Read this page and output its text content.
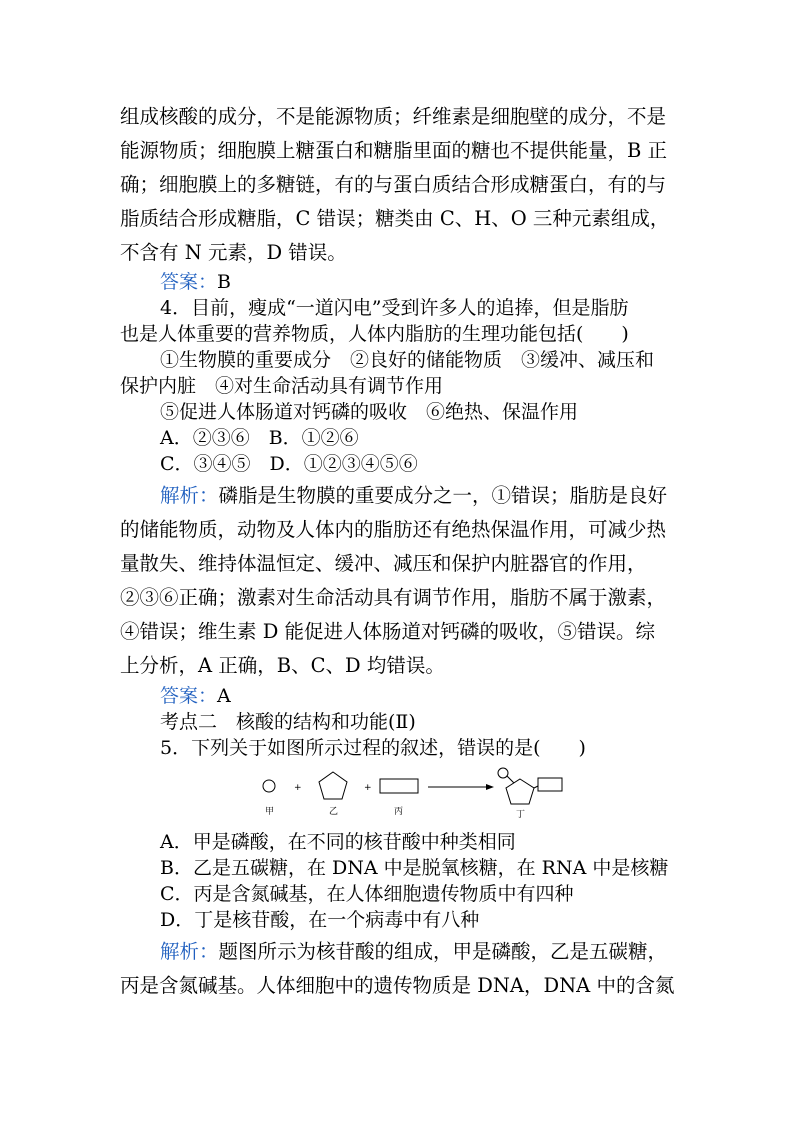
组成核酸的成分，不是能源物质；纤维素是细胞壁的成分，不是
能源物质；细胞膜上糖蛋白和糖脂里面的糖也不提供能量，B 正
确；细胞膜上的多糖链，有的与蛋白质结合形成糖蛋白，有的与
脂质结合形成糖脂，C 错误；糖类由 C、H、O 三种元素组成，
不含有 N 元素，D 错误。
答案：B
4．目前，瘦成“一道闪电”受到许多人的追捧，但是脂肪
也是人体重要的营养物质，人体内脂肪的生理功能包括(　　)
①生物膜的重要成分　②良好的储能物质　③缓冲、减压和
保护内脏　④对生命活动具有调节作用
⑤促进人体肠道对钙磷的吸收　⑥绝热、保温作用
A．②③⑥　B．①②⑥
C．③④⑤　D．①②③④⑤⑥
解析：磷脂是生物膜的重要成分之一，①错误；脂肪是良好
的储能物质，动物及人体内的脂肪还有绝热保温作用，可减少热
量散失、维持体温恒定、缓冲、减压和保护内脏器官的作用，
②③⑥正确；激素对生命活动具有调节作用，脂肪不属于激素，
④错误；维生素 D 能促进人体肠道对钙磷的吸收，⑤错误。综
上分析，A 正确，B、C、D 均错误。
答案：A
考点二　核酸的结构和功能(Ⅱ)
5．下列关于如图所示过程的叙述，错误的是(　　)
甲
+
乙
+
丙	丁
A．甲是磷酸，在不同的核苷酸中种类相同
B．乙是五碳糖，在 DNA 中是脱氧核糖，在 RNA 中是核糖
C．丙是含氮碱基，在人体细胞遗传物质中有四种
D．丁是核苷酸，在一个病毒中有八种
解析：题图所示为核苷酸的组成，甲是磷酸，乙是五碳糖，
丙是含氮碱基。人体细胞中的遗传物质是 DNA，DNA 中的含氮
